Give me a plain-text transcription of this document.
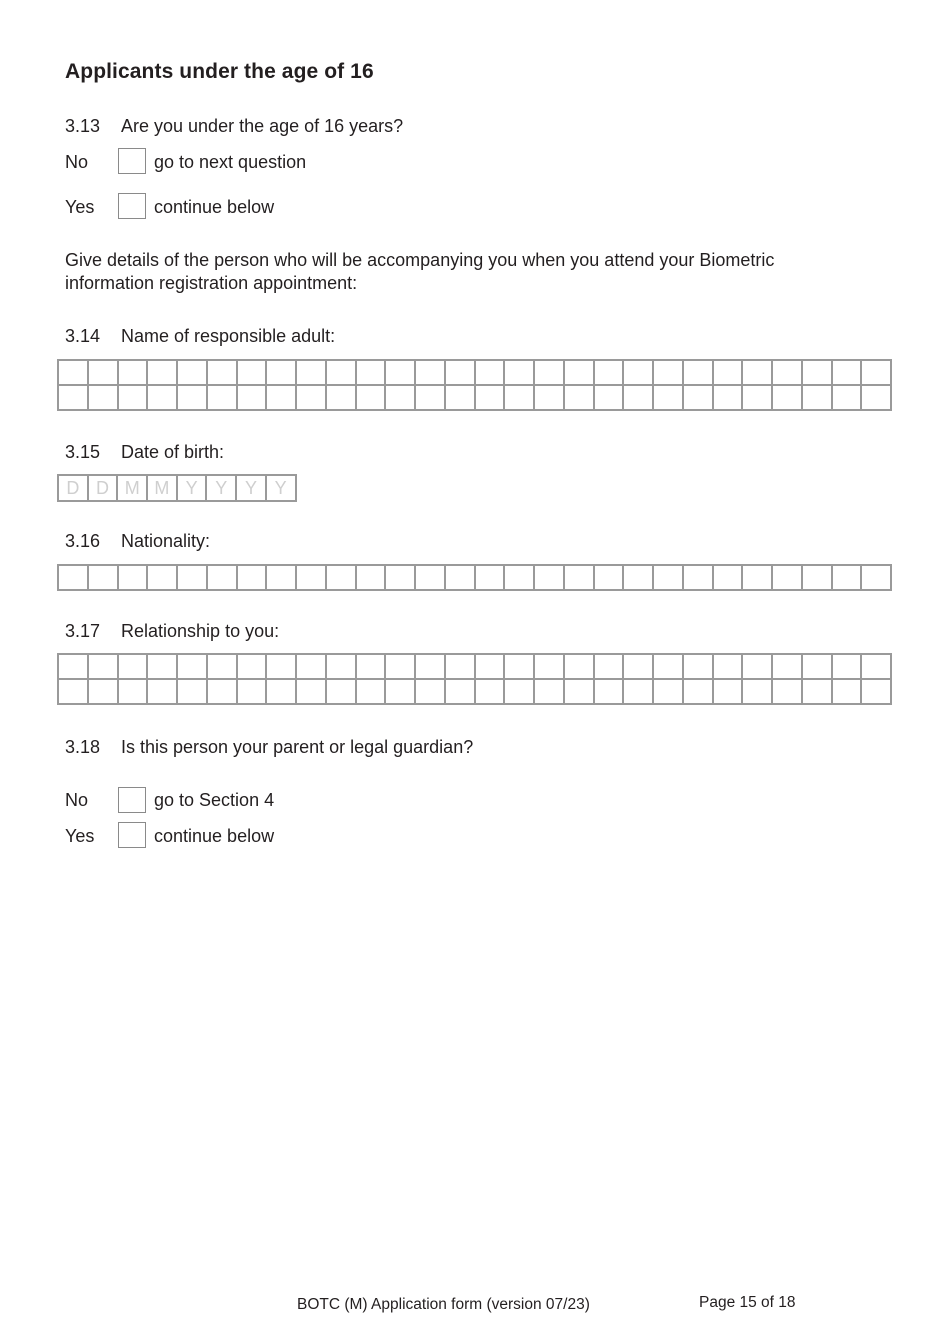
Applicants under the age of 16
3.13 Are you under the age of 16 years?
No	go to next question
Yes	continue below
Give details of the person who will be accompanying you when you attend your Biometric
information registration appointment:
3.14 Name of responsible adult:
3.15 Date of birth:
D D M M Y Y Y Y
3.16 Nationality:
3.17 Relationship to you:
3.18 Is this person your parent or legal guardian?
No	go to Section 4
Yes	continue below
BOTC (M) Application form (version 07/23)	Page 15 of 18
